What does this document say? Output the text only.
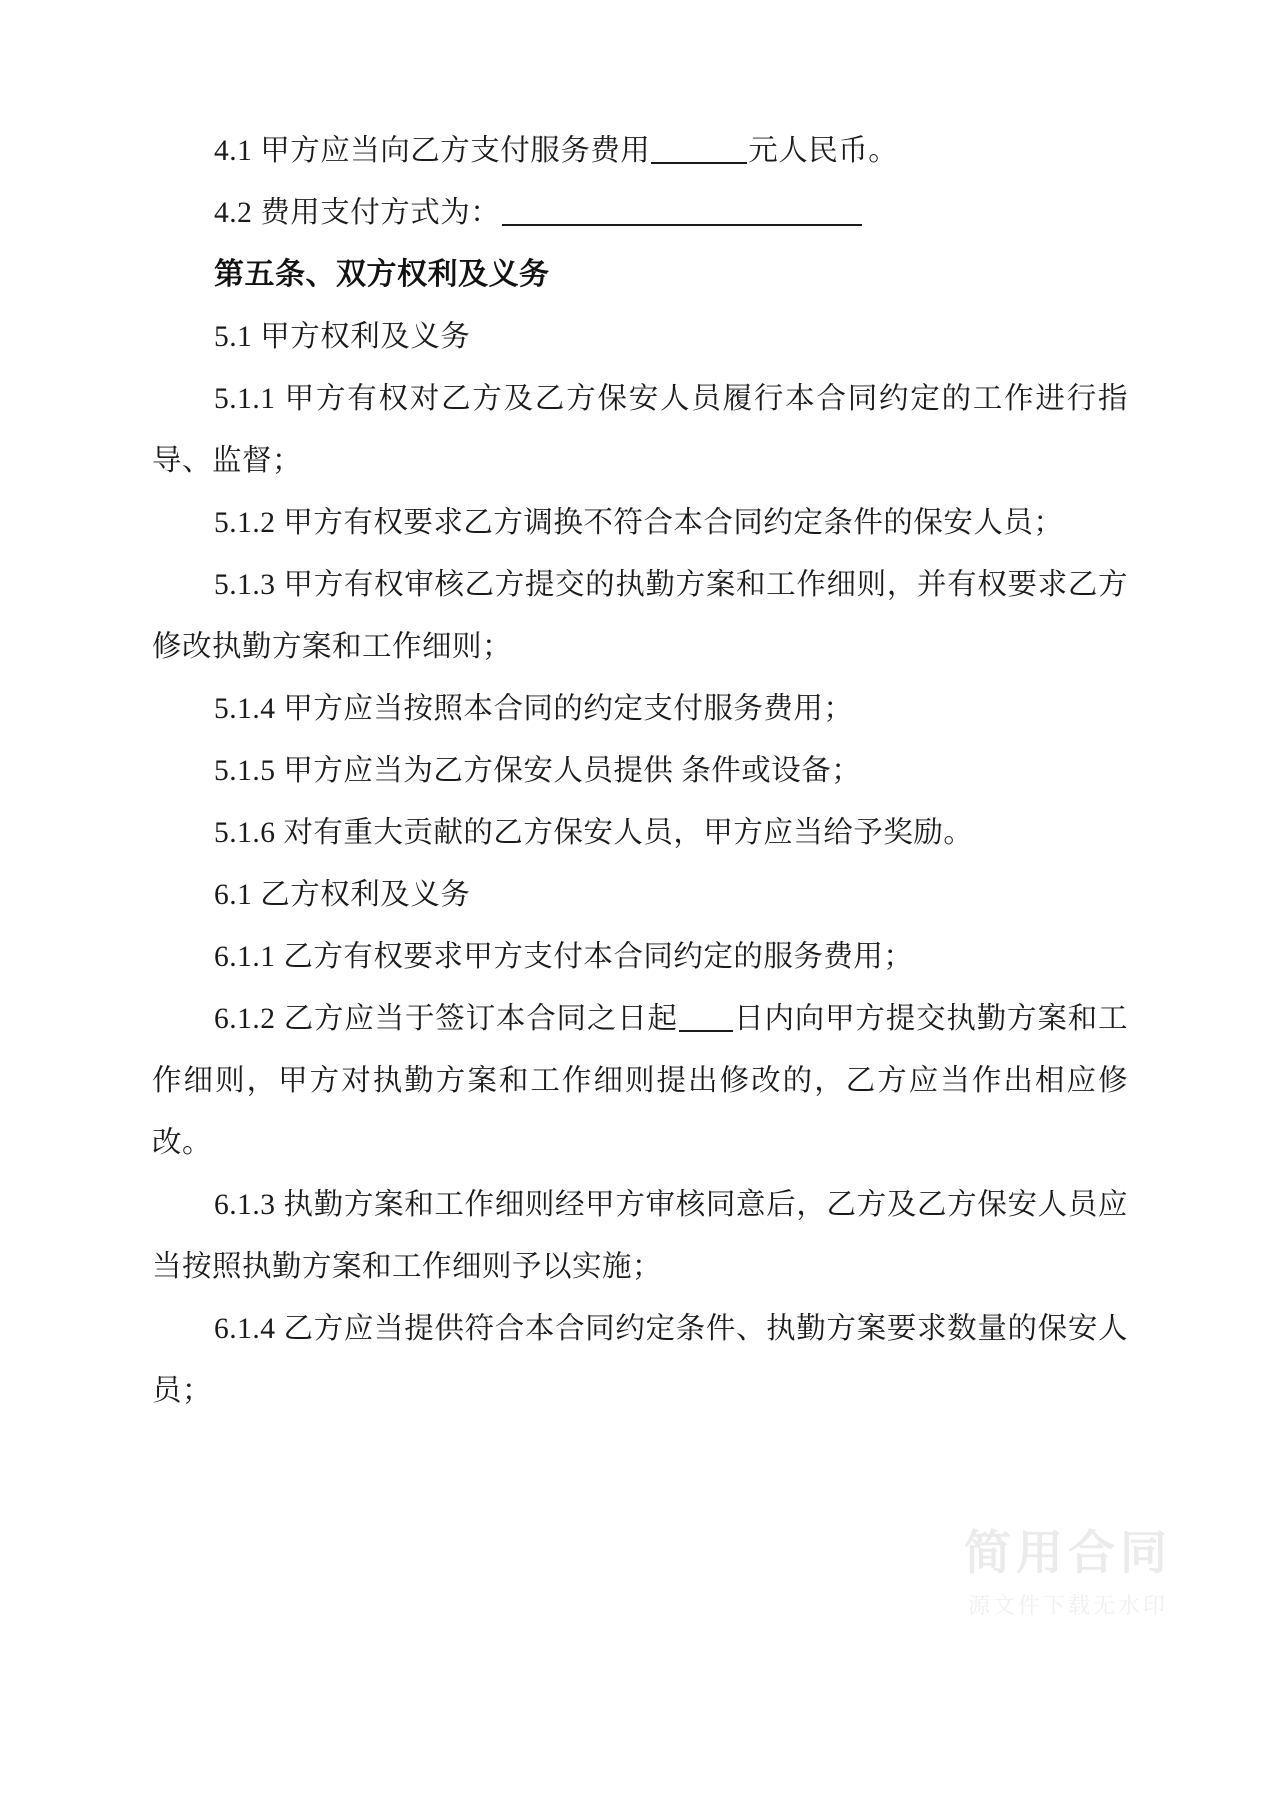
4.1 甲方应当向乙方支付服务费用	元人民币。

4.2 费用支付方式为：

第五条、双方权利及义务

5.1 甲方权利及义务

5.1.1 甲方有权对乙方及乙方保安人员履行本合同约定的工作进行指导、监督；

5.1.2 甲方有权要求乙方调换不符合本合同约定条件的保安人员；

5.1.3 甲方有权审核乙方提交的执勤方案和工作细则，并有权要求乙方修改执勤方案和工作细则；

5.1.4 甲方应当按照本合同的约定支付服务费用；

5.1.5 甲方应当为乙方保安人员提供 条件或设备；

5.1.6 对有重大贡献的乙方保安人员，甲方应当给予奖励。

6.1 乙方权利及义务

6.1.1 乙方有权要求甲方支付本合同约定的服务费用；

6.1.2 乙方应当于签订本合同之日起 日内向甲方提交执勤方案和工作细则，甲方对执勤方案和工作细则提出修改的，乙方应当作出相应修改。

6.1.3 执勤方案和工作细则经甲方审核同意后，乙方及乙方保安人员应当按照执勤方案和工作细则予以实施；

6.1.4 乙方应当提供符合本合同约定条件、执勤方案要求数量的保安人员；

简用合同
源文件下载无水印
